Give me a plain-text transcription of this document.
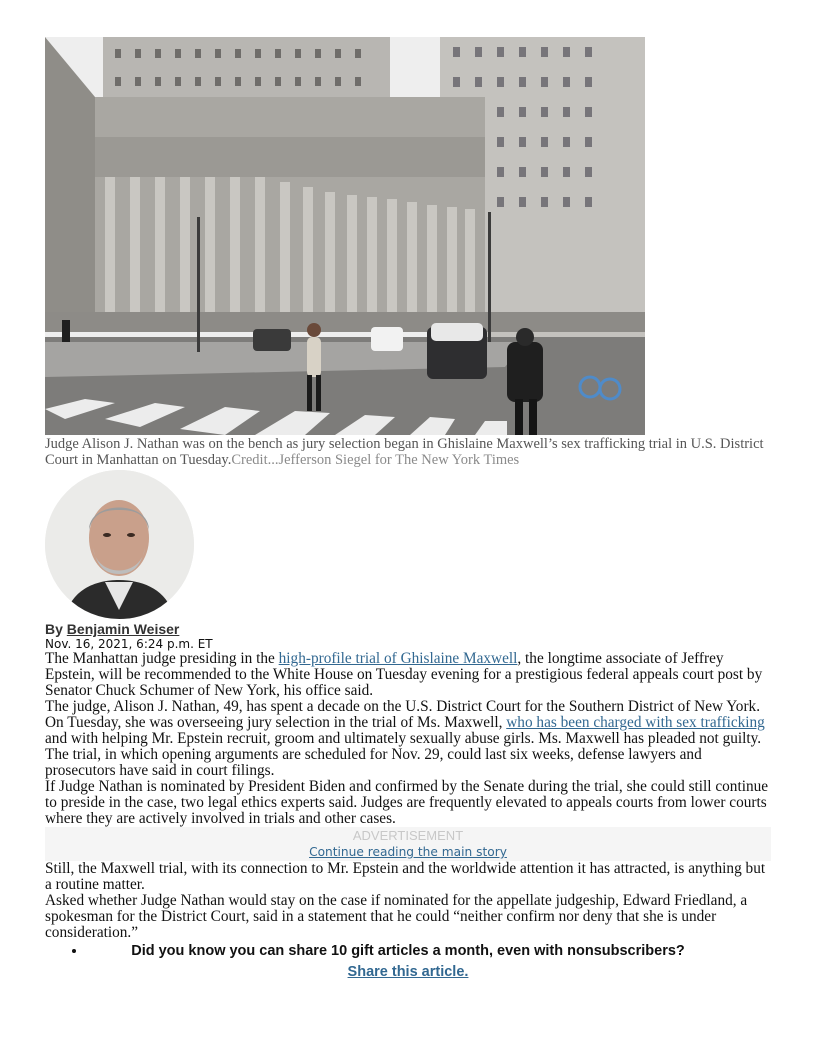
Judge Alison J. Nathan was on the bench as jury selection began in Ghislaine Maxwell’s sex trafficking trial in U.S. District Court in Manhattan on Tuesday.Credit...Jefferson Siegel for The New York Times
By Benjamin Weiser
Nov. 16, 2021, 6:24 p.m. ET

The Manhattan judge presiding in the high-profile trial of Ghislaine Maxwell, the longtime associate of Jeffrey Epstein, will be recommended to the White House on Tuesday evening for a prestigious federal appeals court post by Senator Chuck Schumer of New York, his office said.

The judge, Alison J. Nathan, 49, has spent a decade on the U.S. District Court for the Southern District of New York. On Tuesday, she was overseeing jury selection in the trial of Ms. Maxwell, who has been charged with sex trafficking and with helping Mr. Epstein recruit, groom and ultimately sexually abuse girls. Ms. Maxwell has pleaded not guilty.

The trial, in which opening arguments are scheduled for Nov. 29, could last six weeks, defense lawyers and prosecutors have said in court filings.

If Judge Nathan is nominated by President Biden and confirmed by the Senate during the trial, she could still continue to preside in the case, two legal ethics experts said. Judges are frequently elevated to appeals courts from lower courts where they are actively involved in trials and other cases.

ADVERTISEMENT
Continue reading the main story

Still, the Maxwell trial, with its connection to Mr. Epstein and the worldwide attention it has attracted, is anything but a routine matter.

Asked whether Judge Nathan would stay on the case if nominated for the appellate judgeship, Edward Friedland, a spokesman for the District Court, said in a statement that he could “neither confirm nor deny that she is under consideration.”

Did you know you can share 10 gift articles a month, even with nonsubscribers?
Share this article.
